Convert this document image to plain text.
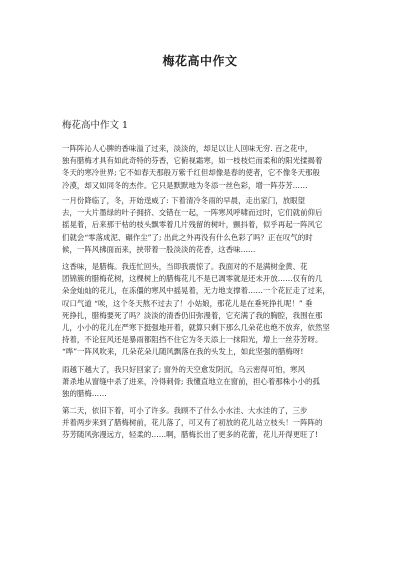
梅花高中作文
梅花高中作文 1
一阵阵沁人心脾的香味溢了过来，淡淡的，却足以让人回味无穷. 百之花中，
独有腊梅才具有如此奇特的芬香，它俯视霜寒，如一枝枝烂而柔和的阳光揉揭着
冬天的寒冷世界; 它不如春天那般万紫千红但却像是春的使者，它不像冬天那般
冷漠，却又如同冬的杰作。它只是默默地为冬添一丝色彩，增一阵芬芳……
一月份降临了，冬，开始逞威了: 下着清冷冬雨的早晨，走出家门，放眼望
去，一大片墨绿的叶子拥挤、交错在一起，一阵寒风呼啸而过时，它们就前仰后
摇晃着，后来那干枯的枝头飘零着几片残留的树叶，颤抖着，似乎再起一阵风它
们就会“零落成泥、碾作尘”了; 出此之外再没有什么色彩了吗？正在叹气的时
候，一阵风拂面而来，挟带着一股淡淡的花香，这香味……
这香味，是腊梅。我连忙回头，当即我震惊了。我面对的不是满树金黄、花
团锦簇的腊梅花树，这棵树上的腊梅花儿不是已凋零就是还未开放……仅有的几
朵金灿灿的花儿，在冻僵的寒风中摇晃着，无力地支撑着……一个花匠走了过来，
叹口气道 “唉，这个冬天熬不过去了！小姑娘，那花儿是在垂死挣扎呢！” 垂
死挣扎，腊梅要死了吗？淡淡的清香仍旧弥漫着，它充满了我的胸腔，我围在那
儿，小小的花儿在严寒下挺强地开着，就算只剩下那么几朵花也绝不放弃，依然坚
持着，不论狂风还是暴雨都阻挡不住它为冬天添上一抹阳光，增上一丝芬芳呀。
“哗”一阵风吹来，几朵花朵儿随风飘落在我的头发上，如此坚强的腊梅呀!
雨越下越大了，我只好回家了; 窗外的天空愈发阴沉，乌云密得可怕，寒风
萧杀地从窗缝中杀了进来，冷得刺骨; 我懂直地立在窗前，担心着那株小小的孤
独的腊梅……
第二天，依旧下着，可小了许多。我顾不了什么小水洼、大水洼的了，三步
并着两步来到了腊梅树前，花儿落了，可又有了初放的花儿站立枝头！一阵阵的
芬芳随风弥漫远方，轻柔的……啊，腊梅长出了更多的花蕾，花儿开得更旺了!
